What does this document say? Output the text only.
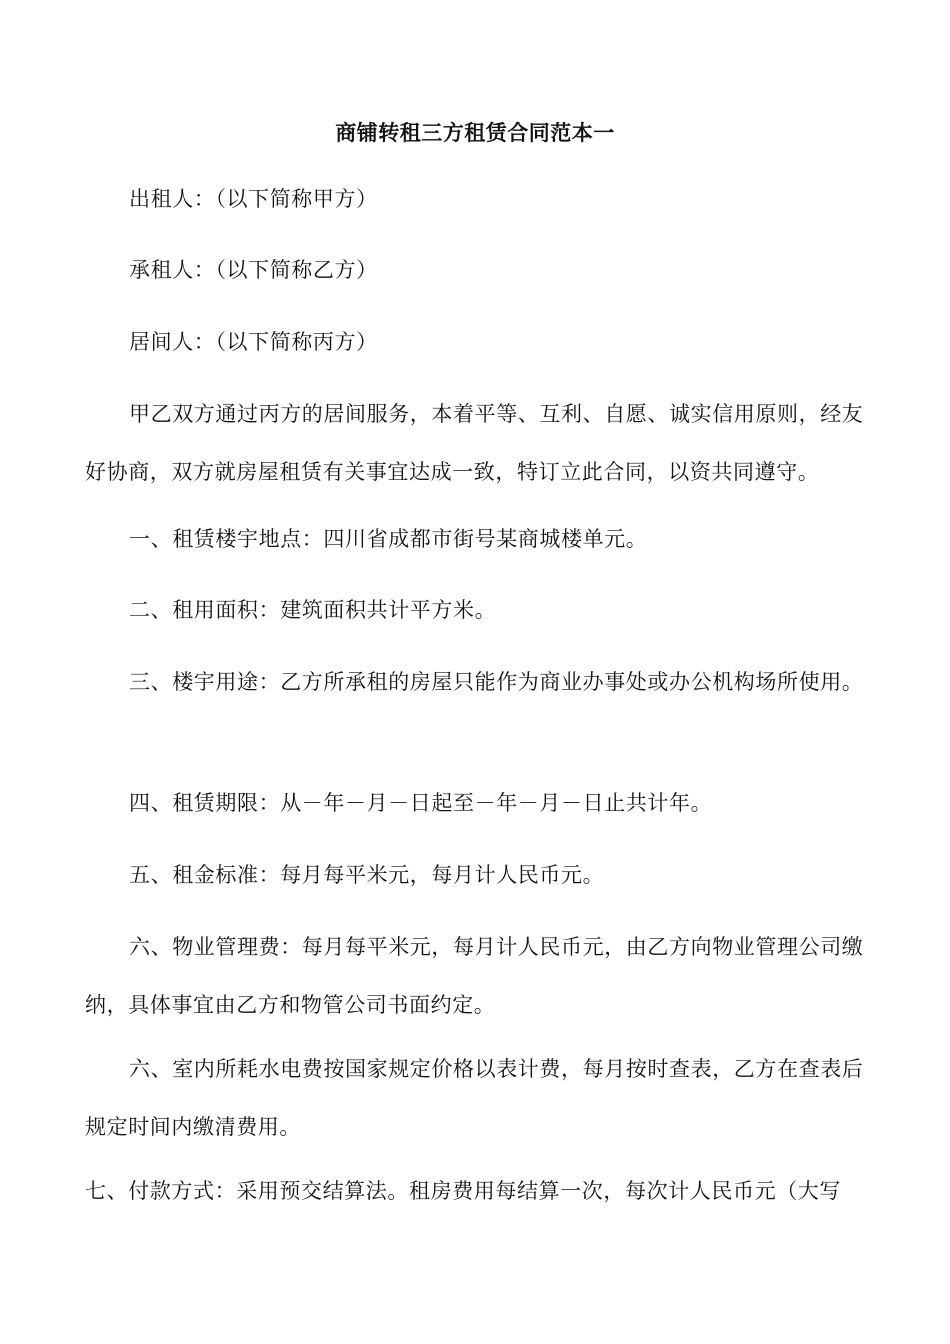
商铺转租三方租赁合同范本一

出租人：（以下简称甲方）

承租人：（以下简称乙方）

居间人：（以下简称丙方）

甲乙双方通过丙方的居间服务，本着平等、互利、自愿、诚实信用原则，经友好协商，双方就房屋租赁有关事宜达成一致，特订立此合同，以资共同遵守。

一、租赁楼宇地点：四川省成都市街号某商城楼单元。

二、租用面积：建筑面积共计平方米。

三、楼宇用途：乙方所承租的房屋只能作为商业办事处或办公机构场所使用。

四、租赁期限：从－年－月－日起至－年－月－日止共计年。

五、租金标准：每月每平米元，每月计人民币元。

六、物业管理费：每月每平米元，每月计人民币元，由乙方向物业管理公司缴纳，具体事宜由乙方和物管公司书面约定。

六、室内所耗水电费按国家规定价格以表计费，每月按时查表，乙方在查表后规定时间内缴清费用。

七、付款方式：采用预交结算法。租房费用每结算一次，每次计人民币元（大写
